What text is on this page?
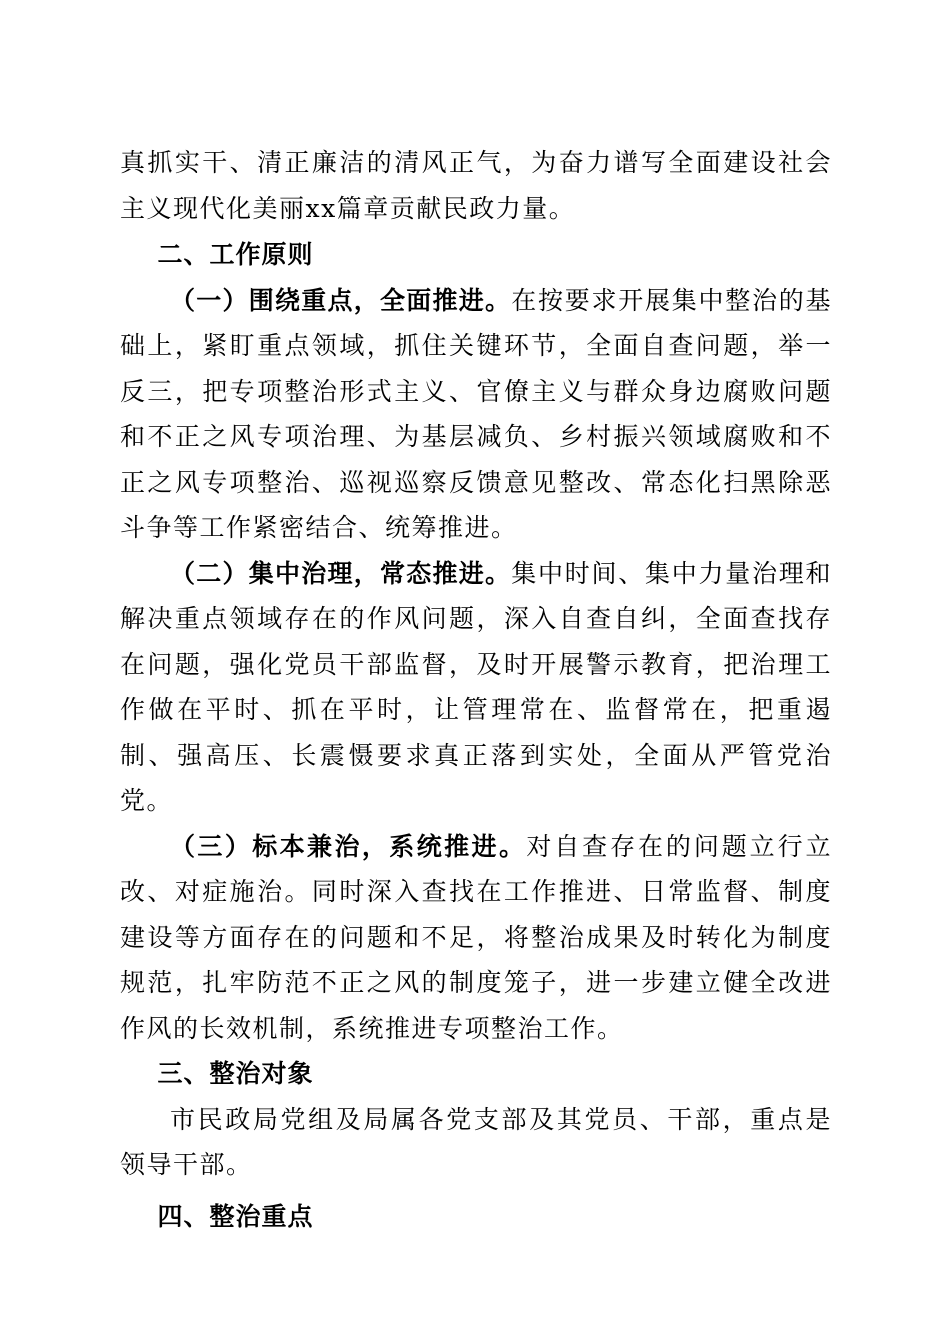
真抓实干、清正廉洁的清风正气，为奋力谱写全面建设社会主义现代化美丽xx篇章贡献民政力量。

二、工作原则

（一）围绕重点，全面推进。在按要求开展集中整治的基础上，紧盯重点领域，抓住关键环节，全面自查问题，举一反三，把专项整治形式主义、官僚主义与群众身边腐败问题和不正之风专项治理、为基层减负、乡村振兴领域腐败和不正之风专项整治、巡视巡察反馈意见整改、常态化扫黑除恶斗争等工作紧密结合、统筹推进。

（二）集中治理，常态推进。集中时间、集中力量治理和解决重点领域存在的作风问题，深入自查自纠，全面查找存在问题，强化党员干部监督，及时开展警示教育，把治理工作做在平时、抓在平时，让管理常在、监督常在，把重遏制、强高压、长震慑要求真正落到实处，全面从严管党治党。

（三）标本兼治，系统推进。对自查存在的问题立行立改、对症施治。同时深入查找在工作推进、日常监督、制度建设等方面存在的问题和不足，将整治成果及时转化为制度规范，扎牢防范不正之风的制度笼子，进一步建立健全改进作风的长效机制，系统推进专项整治工作。

三、整治对象

市民政局党组及局属各党支部及其党员、干部，重点是领导干部。

四、整治重点
